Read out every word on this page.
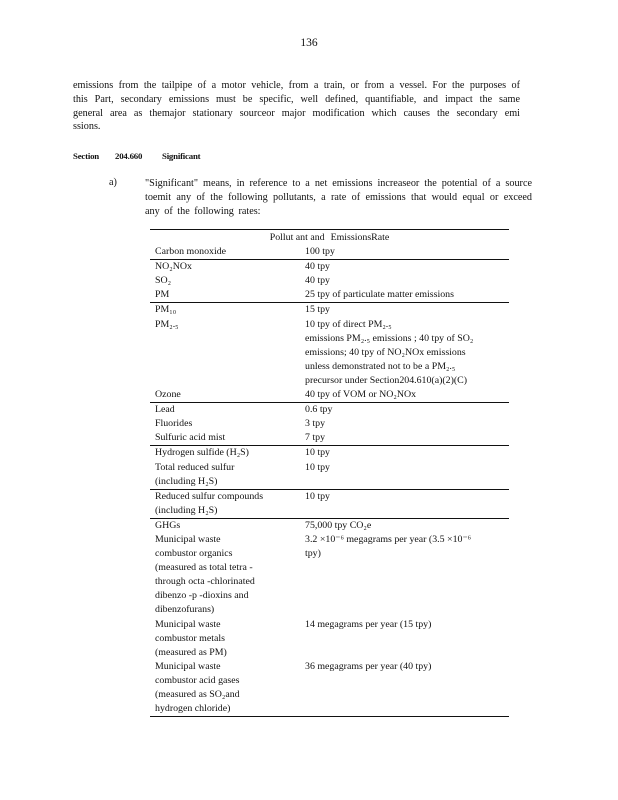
136
emissions from the tailpipe of a motor vehicle, from a train, or from a vessel. For the purposes of this Part, secondary emissions must be specific, well defined, quantifiable, and impact the same general area as themajor stationary sourceor major modification which causes the secondary emi ssions.
Section 204.660 Significant
a)	"Significant" means, in reference to a net emissions increaseor the potential of a source toemit any of the following pollutants, a rate of emissions that would equal or exceed any of the following rates:
Pollut ant and EmissionsRate
Carbon monoxide	100 tpy
NO₂NOx
SO₂
PM
40 tpy
40 tpy
25 tpy of particulate matter emissions
PM₁₀
PM₂.₅
Ozone
15 tpy
10 tpy of direct PM₂.₅
emissions PM₂.₅ emissions ; 40 tpy of SO₂
emissions; 40 tpy of NO₂NOx emissions
unless demonstrated not to be a PM₂.₅
precursor under Section204.610(a)(2)(C)
40 tpy of VOM or NO₂NOx
Lead
Fluorides
Sulfuric acid mist
0.6 tpy
3 tpy
7 tpy
Hydrogen sulfide (H₂S)
Total reduced sulfur
(including H₂S)
10 tpy
10 tpy
Reduced sulfur compounds
(including H₂S)
10 tpy
GHGs
Municipal waste
combustor organics
(measured as total tetra -
through octa -chlorinated
dibenzo -p -dioxins and
dibenzofurans)
Municipal waste
combustor metals
(measured as PM)
Municipal waste
combustor acid gases
(measured as SO₂and
hydrogen chloride)
75,000 tpy CO₂e
3.2 ×10⁻⁶ megagrams per year (3.5 ×10⁻⁶
tpy)
14 megagrams per year (15 tpy)
36 megagrams per year (40 tpy)
